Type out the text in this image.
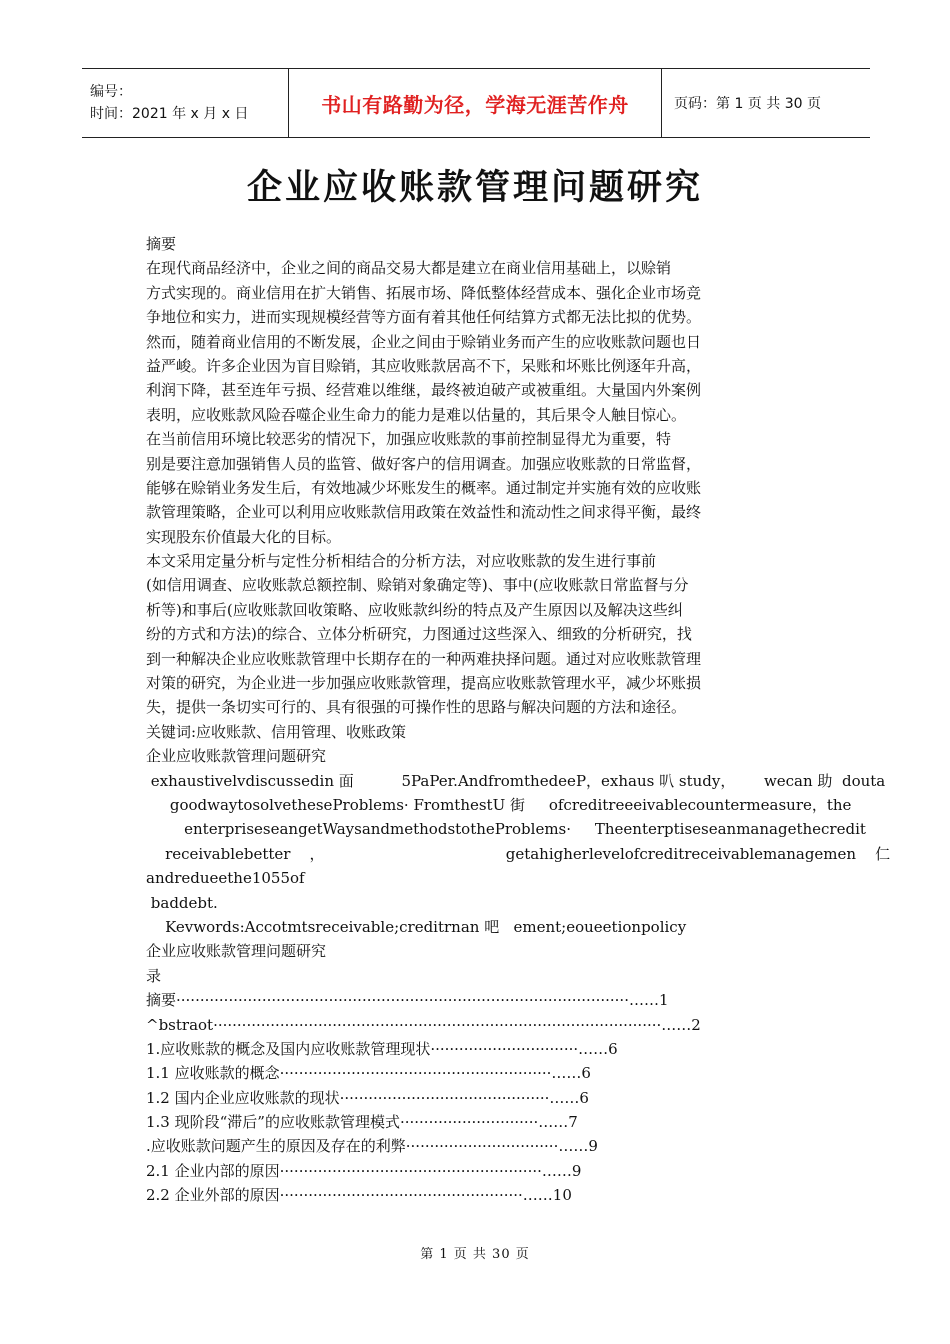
编号：
时间：2021 年 x 月 x 日	书山有路勤为径，学海无涯苦作舟	页码：第 1 页 共 30 页
企业应收账款管理问题研究
摘要
在现代商品经济中，企业之间的商品交易大都是建立在商业信用基础上，以赊销
方式实现的。商业信用在扩大销售、拓展市场、降低整体经营成本、强化企业市场竞
争地位和实力，进而实现规模经营等方面有着其他任何结算方式都无法比拟的优势。
然而，随着商业信用的不断发展，企业之间由于赊销业务而产生的应收账款问题也日
益严峻。许多企业因为盲目赊销，其应收账款居高不下，呆账和坏账比例逐年升高，
利润下降，甚至连年亏损、经营难以维继，最终被迫破产或被重组。大量国内外案例
表明，应收账款风险吞噬企业生命力的能力是难以估量的，其后果令人触目惊心。
在当前信用环境比较恶劣的情况下，加强应收账款的事前控制显得尤为重要，特
别是要注意加强销售人员的监管、做好客户的信用调查。加强应收账款的日常监督，
能够在赊销业务发生后，有效地减少坏账发生的概率。通过制定并实施有效的应收账
款管理策略，企业可以利用应收账款信用政策在效益性和流动性之间求得平衡，最终
实现股东价值最大化的目标。
本文采用定量分析与定性分析相结合的分析方法，对应收账款的发生进行事前
(如信用调查、应收账款总额控制、赊销对象确定等)、事中(应收账款日常监督与分
析等)和事后(应收账款回收策略、应收账款纠纷的特点及产生原因以及解决这些纠
纷的方式和方法)的综合、立体分析研究，力图通过这些深入、细致的分析研究，找
到一种解决企业应收账款管理中长期存在的一种两难抉择问题。通过对应收账款管理
对策的研究，为企业进一步加强应收账款管理，提高应收账款管理水平，减少坏账损
失，提供一条切实可行的、具有很强的可操作性的思路与解决问题的方法和途径。
关键词:应收账款、信用管理、收账政策
企业应收账款管理问题研究
exhaustivelvdiscussedin 面          5PaPer.AndfromthedeeP，exhaus 叭 study，      wecan 助  douta
goodwaytosolvetheseProblems· FromthestU 街     ofcreditreeeivablecountermeasure，the
enterpriseseangetWaysandmethodstotheProblems·     Theenterptiseseanmanagethecredit
receivablebetter    ，                                      getahigherlevelofcreditreceivablemanagemen    仁
andredueethe1055of
baddebt.
Kevwords:Accotmtsreceivable;creditrnan 吧   ement;eoueetionpolicy
企业应收账款管理问题研究
录
摘要·······························································································……1
^bstraot······························································································……2
1.应收账款的概念及国内应收账款管理现状·······························……6
1.1 应收账款的概念·························································……6
1.2 国内企业应收账款的现状············································……6
1.3 现阶段“滞后”的应收账款管理模式·····························……7
.应收账款问题产生的原因及存在的利弊································……9
2.1 企业内部的原因·······················································……9
2.2 企业外部的原因···················································……10
第 1 页 共 30 页
